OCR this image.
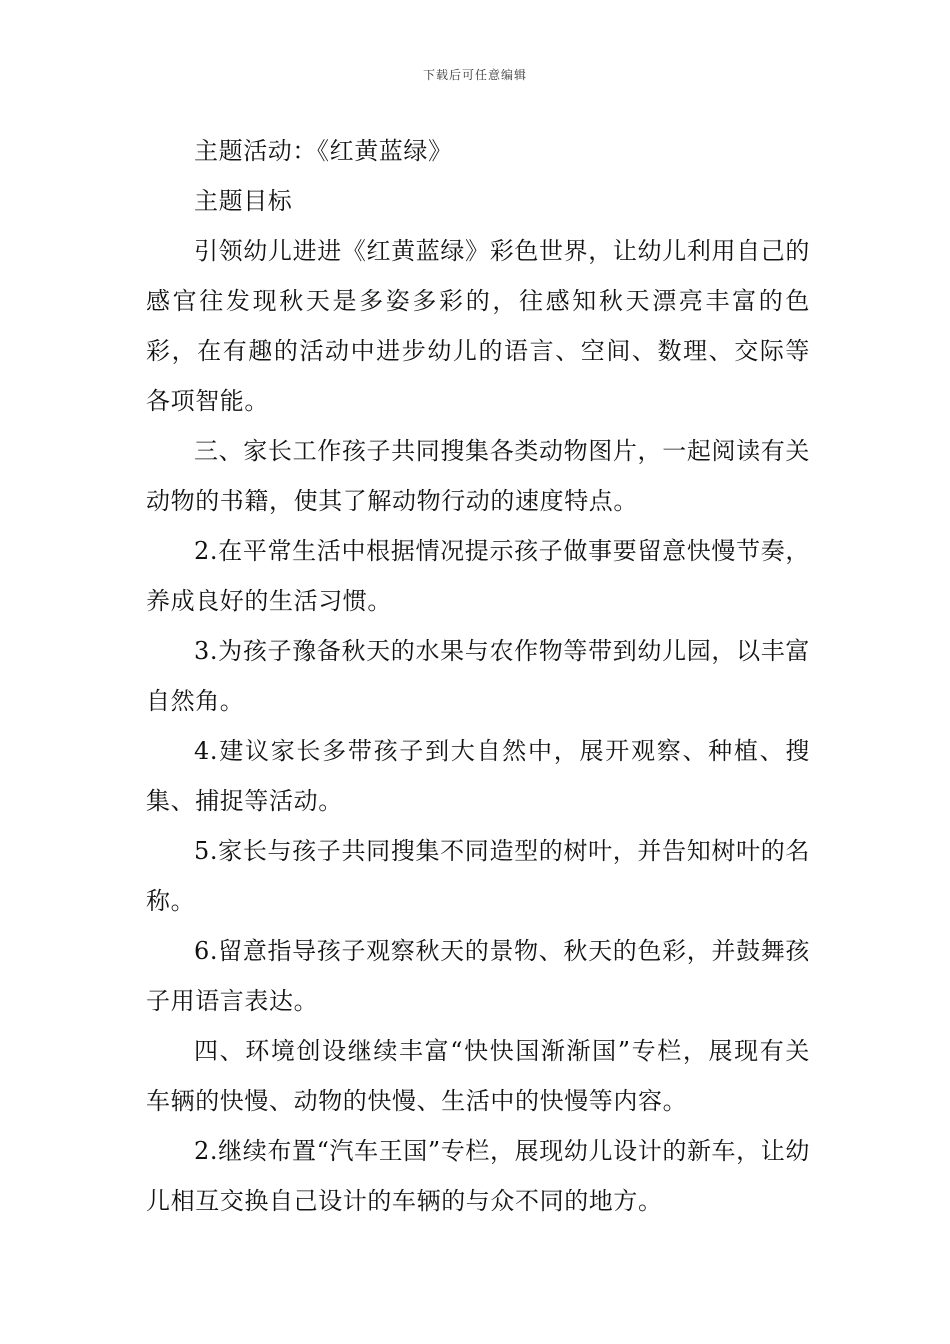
下载后可任意编辑

主题活动：《红黄蓝绿》

主题目标

引领幼儿进进《红黄蓝绿》彩色世界，让幼儿利用自己的感官往发现秋天是多姿多彩的，往感知秋天漂亮丰富的色彩，在有趣的活动中进步幼儿的语言、空间、数理、交际等各项智能。

三、家长工作孩子共同搜集各类动物图片，一起阅读有关动物的书籍，使其了解动物行动的速度特点。

2.在平常生活中根据情况提示孩子做事要留意快慢节奏，养成良好的生活习惯。

3.为孩子豫备秋天的水果与农作物等带到幼儿园，以丰富自然角。

4.建议家长多带孩子到大自然中，展开观察、种植、搜集、捕捉等活动。

5.家长与孩子共同搜集不同造型的树叶，并告知树叶的名称。

6.留意指导孩子观察秋天的景物、秋天的色彩，并鼓舞孩子用语言表达。

四、环境创设继续丰富“快快国渐渐国”专栏，展现有关车辆的快慢、动物的快慢、生活中的快慢等内容。

2.继续布置“汽车王国”专栏，展现幼儿设计的新车，让幼儿相互交换自己设计的车辆的与众不同的地方。
